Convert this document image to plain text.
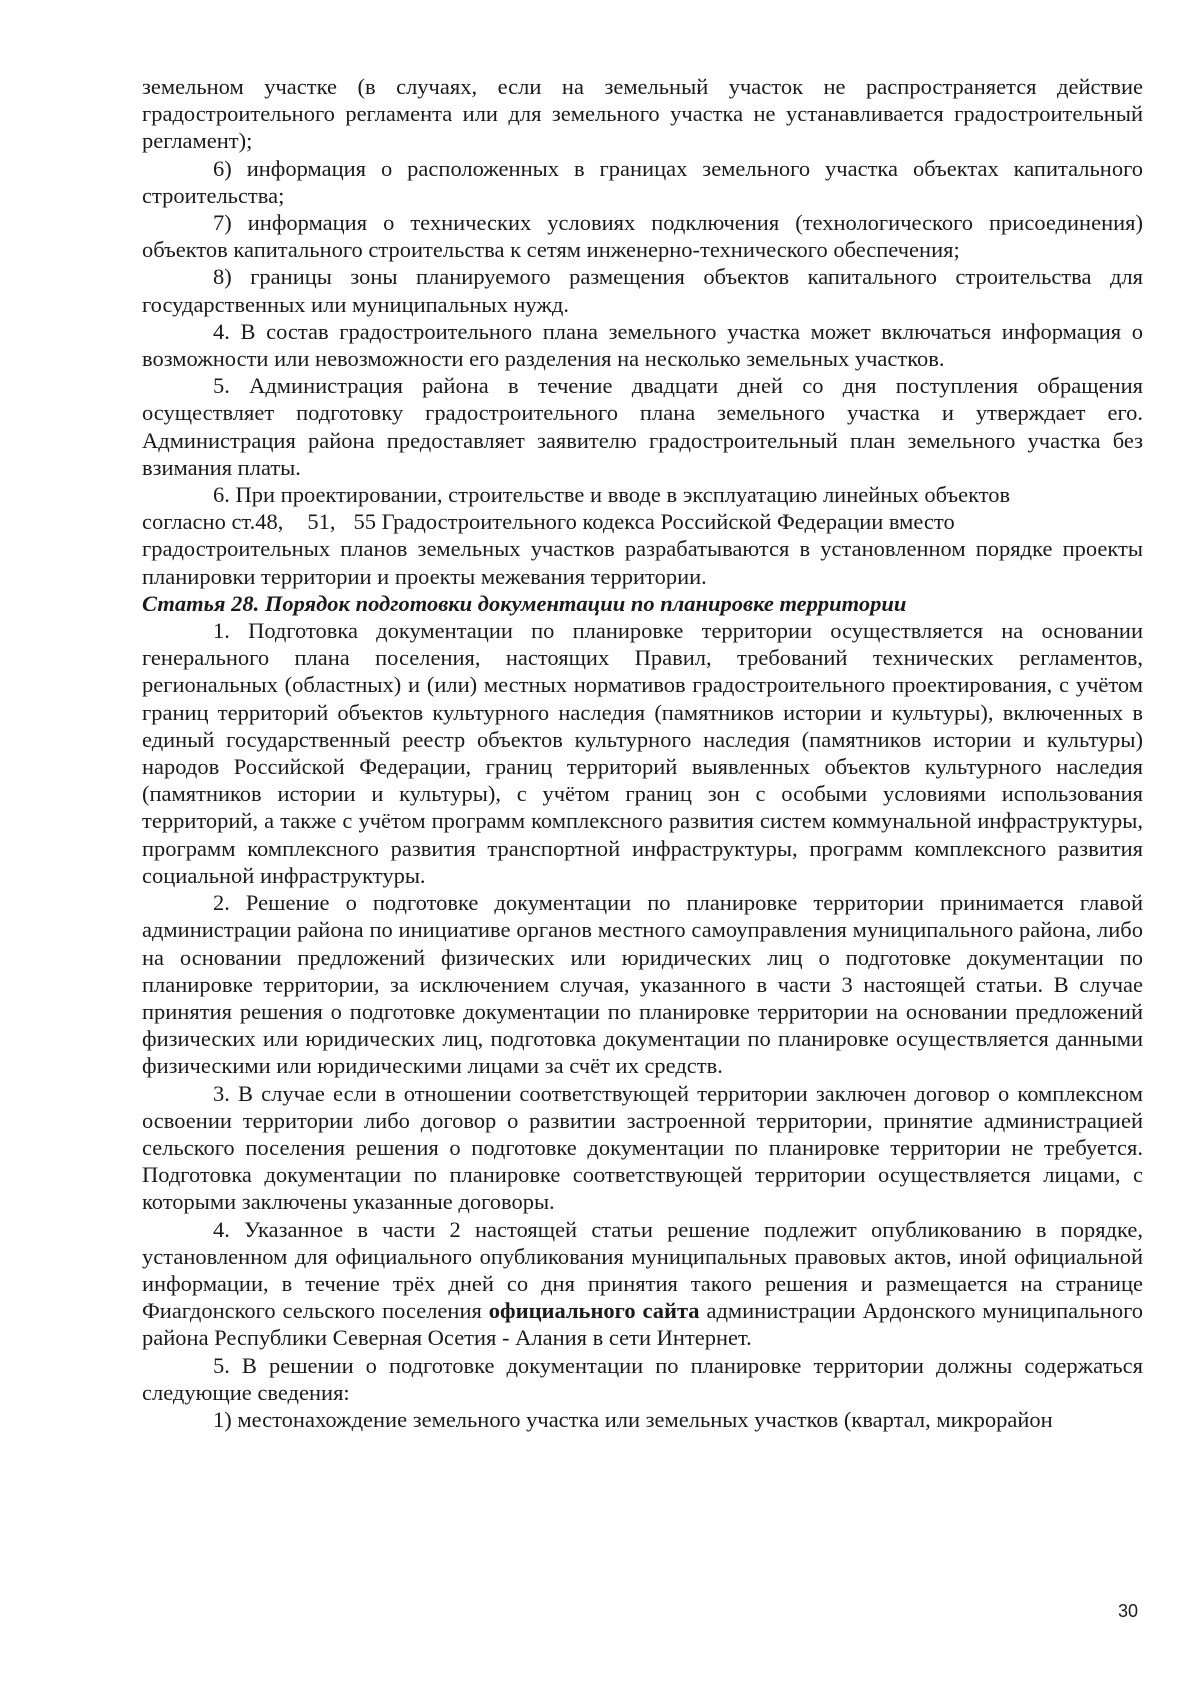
земельном участке (в случаях, если на земельный участок не распространяется действие градостроительного регламента или для земельного участка не устанавливается градостроительный регламент);

6) информация о расположенных в границах земельного участка объектах капитального строительства;

7) информация о технических условиях подключения (технологического присоединения) объектов капитального строительства к сетям инженерно-технического обеспечения;

8) границы зоны планируемого размещения объектов капитального строительства для государственных или муниципальных нужд.

4. В состав градостроительного плана земельного участка может включаться информация о возможности или невозможности его разделения на несколько земельных участков.

5. Администрация района в течение двадцати дней со дня поступления обращения осуществляет подготовку градостроительного плана земельного участка и утверждает его. Администрация района предоставляет заявителю градостроительный план земельного участка без взимания платы.

6. При проектировании, строительстве и вводе в эксплуатацию линейных объектов

согласно ст.48, 51, 55 Градостроительного кодекса Российской Федерации вместо

градостроительных планов земельных участков разрабатываются в установленном порядке проекты планировки территории и проекты межевания территории.

Статья 28. Порядок подготовки документации по планировке территории

1. Подготовка документации по планировке территории осуществляется на основании генерального плана поселения, настоящих Правил, требований технических регламентов, региональных (областных) и (или) местных нормативов градостроительного проектирования, с учётом границ территорий объектов культурного наследия (памятников истории и культуры), включенных в единый государственный реестр объектов культурного наследия (памятников истории и культуры) народов Российской Федерации, границ территорий выявленных объектов культурного наследия (памятников истории и культуры), с учётом границ зон с особыми условиями использования территорий, а также с учётом программ комплексного развития систем коммунальной инфраструктуры, программ комплексного развития транспортной инфраструктуры, программ комплексного развития социальной инфраструктуры.

2. Решение о подготовке документации по планировке территории принимается главой администрации района по инициативе органов местного самоуправления муниципального района, либо на основании предложений физических или юридических лиц о подготовке документации по планировке территории, за исключением случая, указанного в части 3 настоящей статьи. В случае принятия решения о подготовке документации по планировке территории на основании предложений физических или юридических лиц, подготовка документации по планировке осуществляется данными физическими или юридическими лицами за счёт их средств.

3. В случае если в отношении соответствующей территории заключен договор о комплексном освоении территории либо договор о развитии застроенной территории, принятие администрацией сельского поселения решения о подготовке документации по планировке территории не требуется. Подготовка документации по планировке соответствующей территории осуществляется лицами, с которыми заключены указанные договоры.

4. Указанное в части 2 настоящей статьи решение подлежит опубликованию в порядке, установленном для официального опубликования муниципальных правовых актов, иной официальной информации, в течение трёх дней со дня принятия такого решения и размещается на странице Фиагдонского сельского поселения официального сайта администрации Ардонского муниципального района Республики Северная Осетия - Алания в сети Интернет.

5. В решении о подготовке документации по планировке территории должны содержаться следующие сведения:

1) местонахождение земельного участка или земельных участков (квартал, микрорайон

30
